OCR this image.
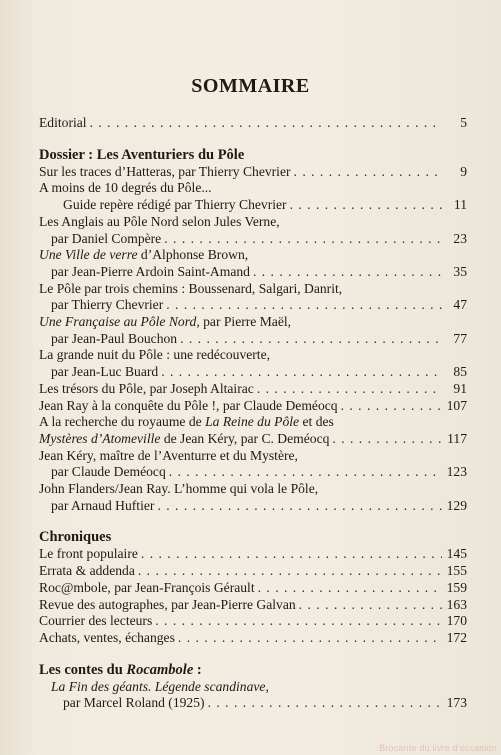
SOMMAIRE
Editorial . . .	5
Dossier : Les Aventuriers du Pôle
Sur les traces d’Hatteras, par Thierry Chevrier . . .	9
A moins de 10 degrés du Pôle...
Guide repère rédigé par Thierry Chevrier . . .	11
Les Anglais au Pôle Nord selon Jules Verne,
par Daniel Compère . . .	23
Une Ville de verre d’Alphonse Brown,
par Jean-Pierre Ardoin Saint-Amand . . .	35
Le Pôle par trois chemins : Boussenard, Salgari, Danrit,
par Thierry Chevrier . . .	47
Une Française au Pôle Nord, par Pierre Maël,
par Jean-Paul Bouchon . . .	77
La grande nuit du Pôle : une redécouverte,
par Jean-Luc Buard . . .	85
Les trésors du Pôle, par Joseph Altairac . . .	91
Jean Ray à la conquête du Pôle !, par Claude Deméocq . . .	107
A la recherche du royaume de La Reine du Pôle et des
Mystères d’Atomeville de Jean Kéry, par C. Deméocq . . .	117
Jean Kéry, maître de l’Aventurre et du Mystère,
par Claude Deméocq . . .	123
John Flanders/Jean Ray. L’homme qui vola le Pôle,
par Arnaud Huftier . . .	129
Chroniques
Le front populaire . . .	145
Errata & addenda . . .	155
Roc@mbole, par Jean-François Gérault . . .	159
Revue des autographes, par Jean-Pierre Galvan . . .	163
Courrier des lecteurs . . .	170
Achats, ventes, échanges . . .	172
Les contes du Rocambole :
La Fin des géants. Légende scandinave,
par Marcel Roland (1925) . . .	173
Brocante du livre d'occasion
